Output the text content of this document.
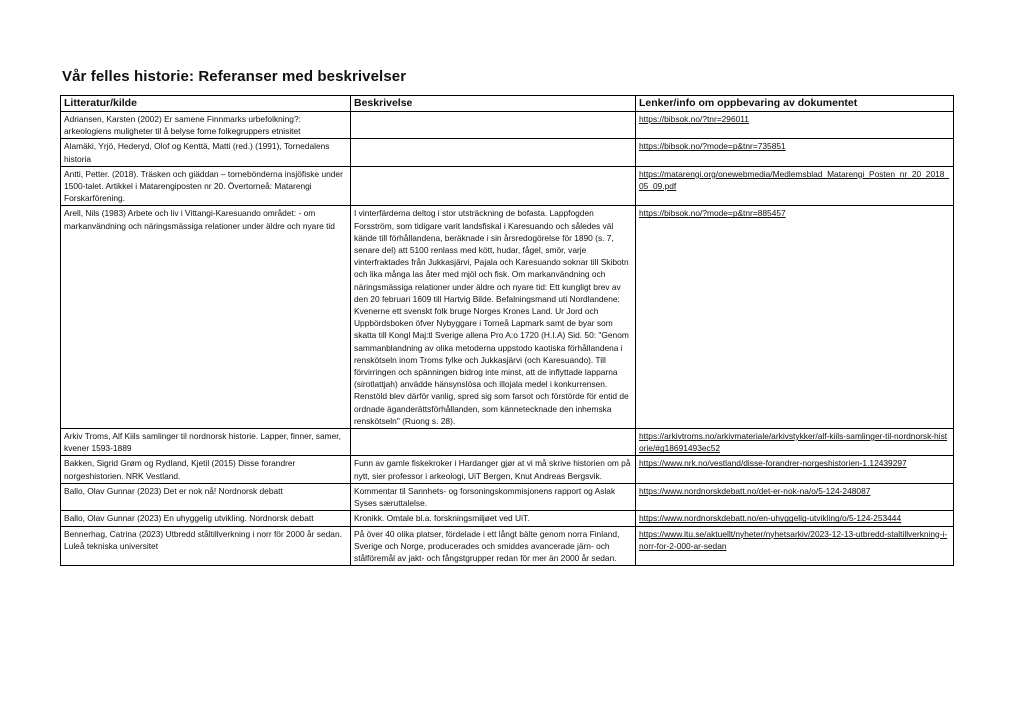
Vår felles historie: Referanser med beskrivelser
Litteratur/kilde	Beskrivelse	Lenker/info om oppbevaring av dokumentet
Adriansen, Karsten (2002) Er samene Finnmarks urbefolkning?: arkeologiens muligheter til å belyse forne folkegruppers etnisitet		https://bibsok.no/?tnr=296011
Alamäki, Yrjö, Hederyd, Olof og Kenttä, Matti (red.) (1991), Tornedalens historia		https://bibsok.no/?mode=p&tnr=735851
Antti, Petter. (2018). Träsken och giäddan – tornebönderna insjöfiske under 1500-talet. Artikkel i Matarengiposten nr 20. Övertorneå: Matarengi Forskarförening.		https://matarengi.org/onewebmedia/Medlemsblad_Matarengi_Posten_nr_20_2018_05_09.pdf
Arell, Nils (1983) Arbete och liv i Vittangi-Karesuando området: - om markanvändning och näringsmässiga relationer under äldre och nyare tid	I vinterfärderna deltog i stor utsträckning de bofasta. Lappfogden Forsström, som tidigare varit landsfiskal i Karesuando och således väl kände till förhållandena, beräknade i sin årsredogörelse för 1890 (s. 7, senare del) att 5100 renlass med kött, hudar, fågel, smör, varje vinterfraktades från Jukkasjärvi, Pajala och Karesuando soknar till Skibotn och lika många las åter med mjöl och fisk. Om markanvändning och näringsmässiga relationer under äldre och nyare tid: Ett kungligt brev av den 20 februari 1609 till Hartvig Bilde. Befalningsmand uti Nordlandene: Kvenerne ett svenskt folk bruge Norges Krones Land. Ur Jord och Uppbördsboken öfver Nybyggare i Torneå Lapmark samt de byar som skatta till Kongl Maj:tl Sverige allena Pro A:o 1720 (H.I.A) Sid. 50: "Genom sammanblandning av olika metoderna uppstodo kaotiska förhållandena i renskötseln inom Troms fylke och Jukkasjärvi (och Karesuando). Till förvirringen och spänningen bidrog inte minst, att de inflyttade lapparna (sirotlattjah) anvädde hänsynslösa och illojala medel i konkurrensen. Renstöld blev därför vanlig, spred sig som farsot och förstörde för entid de ordnade äganderättsförhållanden, som kännetecknade den inhemska renskötseln" (Ruong s. 28).	https://bibsok.no/?mode=p&tnr=885457
Arkiv Troms, Alf Kiils samlinger til nordnorsk historie. Lapper, finner, samer, kvener 1593-1889		https://arkivtroms.no/arkivmateriale/arkivstykker/alf-kiils-samlinger-til-nordnorsk-historie/#g18691493ec52
Bakken, Sigrid Grøm og Rydland, Kjetil (2015) Disse forandrer norgeshistorien. NRK Vestland.	Funn av gamle fiskekroker i Hardanger gjør at vi må skrive historien om på nytt, sier professor i arkeologi, UiT Bergen, Knut Andreas Bergsvik.	https://www.nrk.no/vestland/disse-forandrer-norgeshistorien-1.12439297
Ballo, Olav Gunnar (2023) Det er nok nå! Nordnorsk debatt	Kommentar til Sannhets- og forsoningskommisjonens rapport og Aslak Syses særuttalelse.	https://www.nordnorskdebatt.no/det-er-nok-na/o/5-124-248087
Ballo, Olav Gunnar (2023) En uhyggelig utvikling. Nordnorsk debatt	Kronikk. Omtale bl.a. forskningsmiljøet ved UiT.	https://www.nordnorskdebatt.no/en-uhyggelig-utvikling/o/5-124-253444
Bennerhag, Catrina (2023) Utbredd ståltillverkning i norr för 2000 år sedan. Luleå tekniska universitet	På över 40 olika platser, fördelade i ett långt bälte genom norra Finland, Sverige och Norge, producerades och smiddes avancerade järn- och stålföremål av jakt- och fångstgrupper redan för mer än 2000 år sedan.	https://www.ltu.se/aktuellt/nyheter/nyhetsarkiv/2023-12-13-utbredd-staltillverkning-i-norr-for-2-000-ar-sedan
